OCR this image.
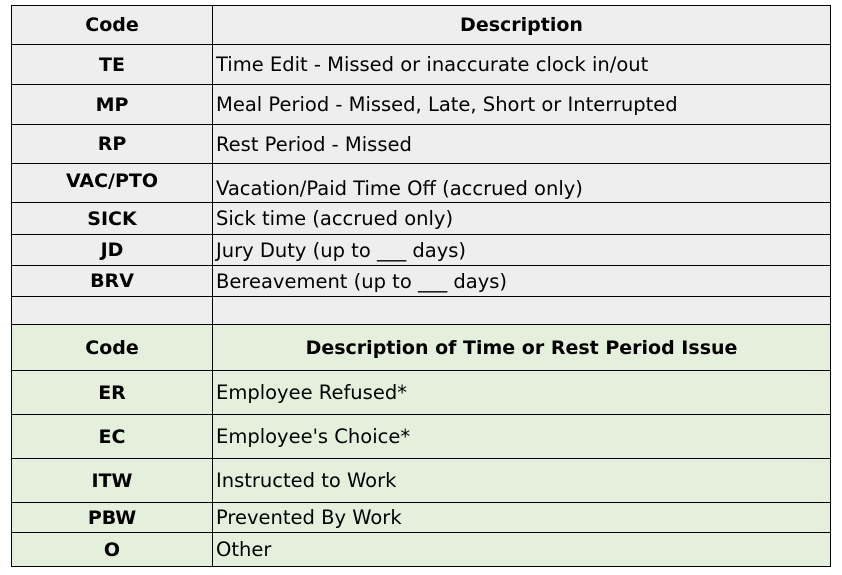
Code	Description
TE	Time Edit - Missed or inaccurate clock in/out
MP	Meal Period - Missed, Late, Short or Interrupted
RP	Rest Period - Missed
VAC/PTO	Vacation/Paid Time Off (accrued only)
SICK	Sick time (accrued only)
JD	Jury Duty (up to ___ days)
BRV	Bereavement (up to ___ days)

Code	Description of Time or Rest Period Issue
ER	Employee Refused*
EC	Employee's Choice*
ITW	Instructed to Work
PBW	Prevented By Work
O	Other
